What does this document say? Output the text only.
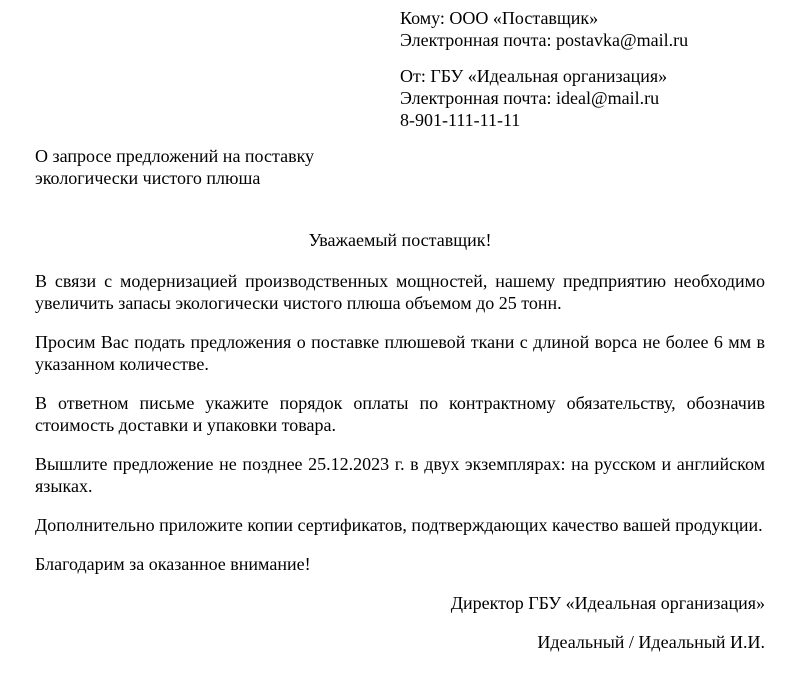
Кому: ООО «Поставщик»
Электронная почта: postavka@mail.ru

От: ГБУ «Идеальная организация»
Электронная почта: ideal@mail.ru
8-901-111-11-11

О запросе предложений на поставку
экологически чистого плюша

Уважаемый поставщик!

В связи с модернизацией производственных мощностей, нашему предприятию необходимо увеличить запасы экологически чистого плюша объемом до 25 тонн.

Просим Вас подать предложения о поставке плюшевой ткани с длиной ворса не более 6 мм в указанном количестве.

В ответном письме укажите порядок оплаты по контрактному обязательству, обозначив стоимость доставки и упаковки товара.

Вышлите предложение не позднее 25.12.2023 г. в двух экземплярах: на русском и английском языках.

Дополнительно приложите копии сертификатов, подтверждающих качество вашей продукции.

Благодарим за оказанное внимание!

Директор ГБУ «Идеальная организация»

Идеальный / Идеальный И.И.
